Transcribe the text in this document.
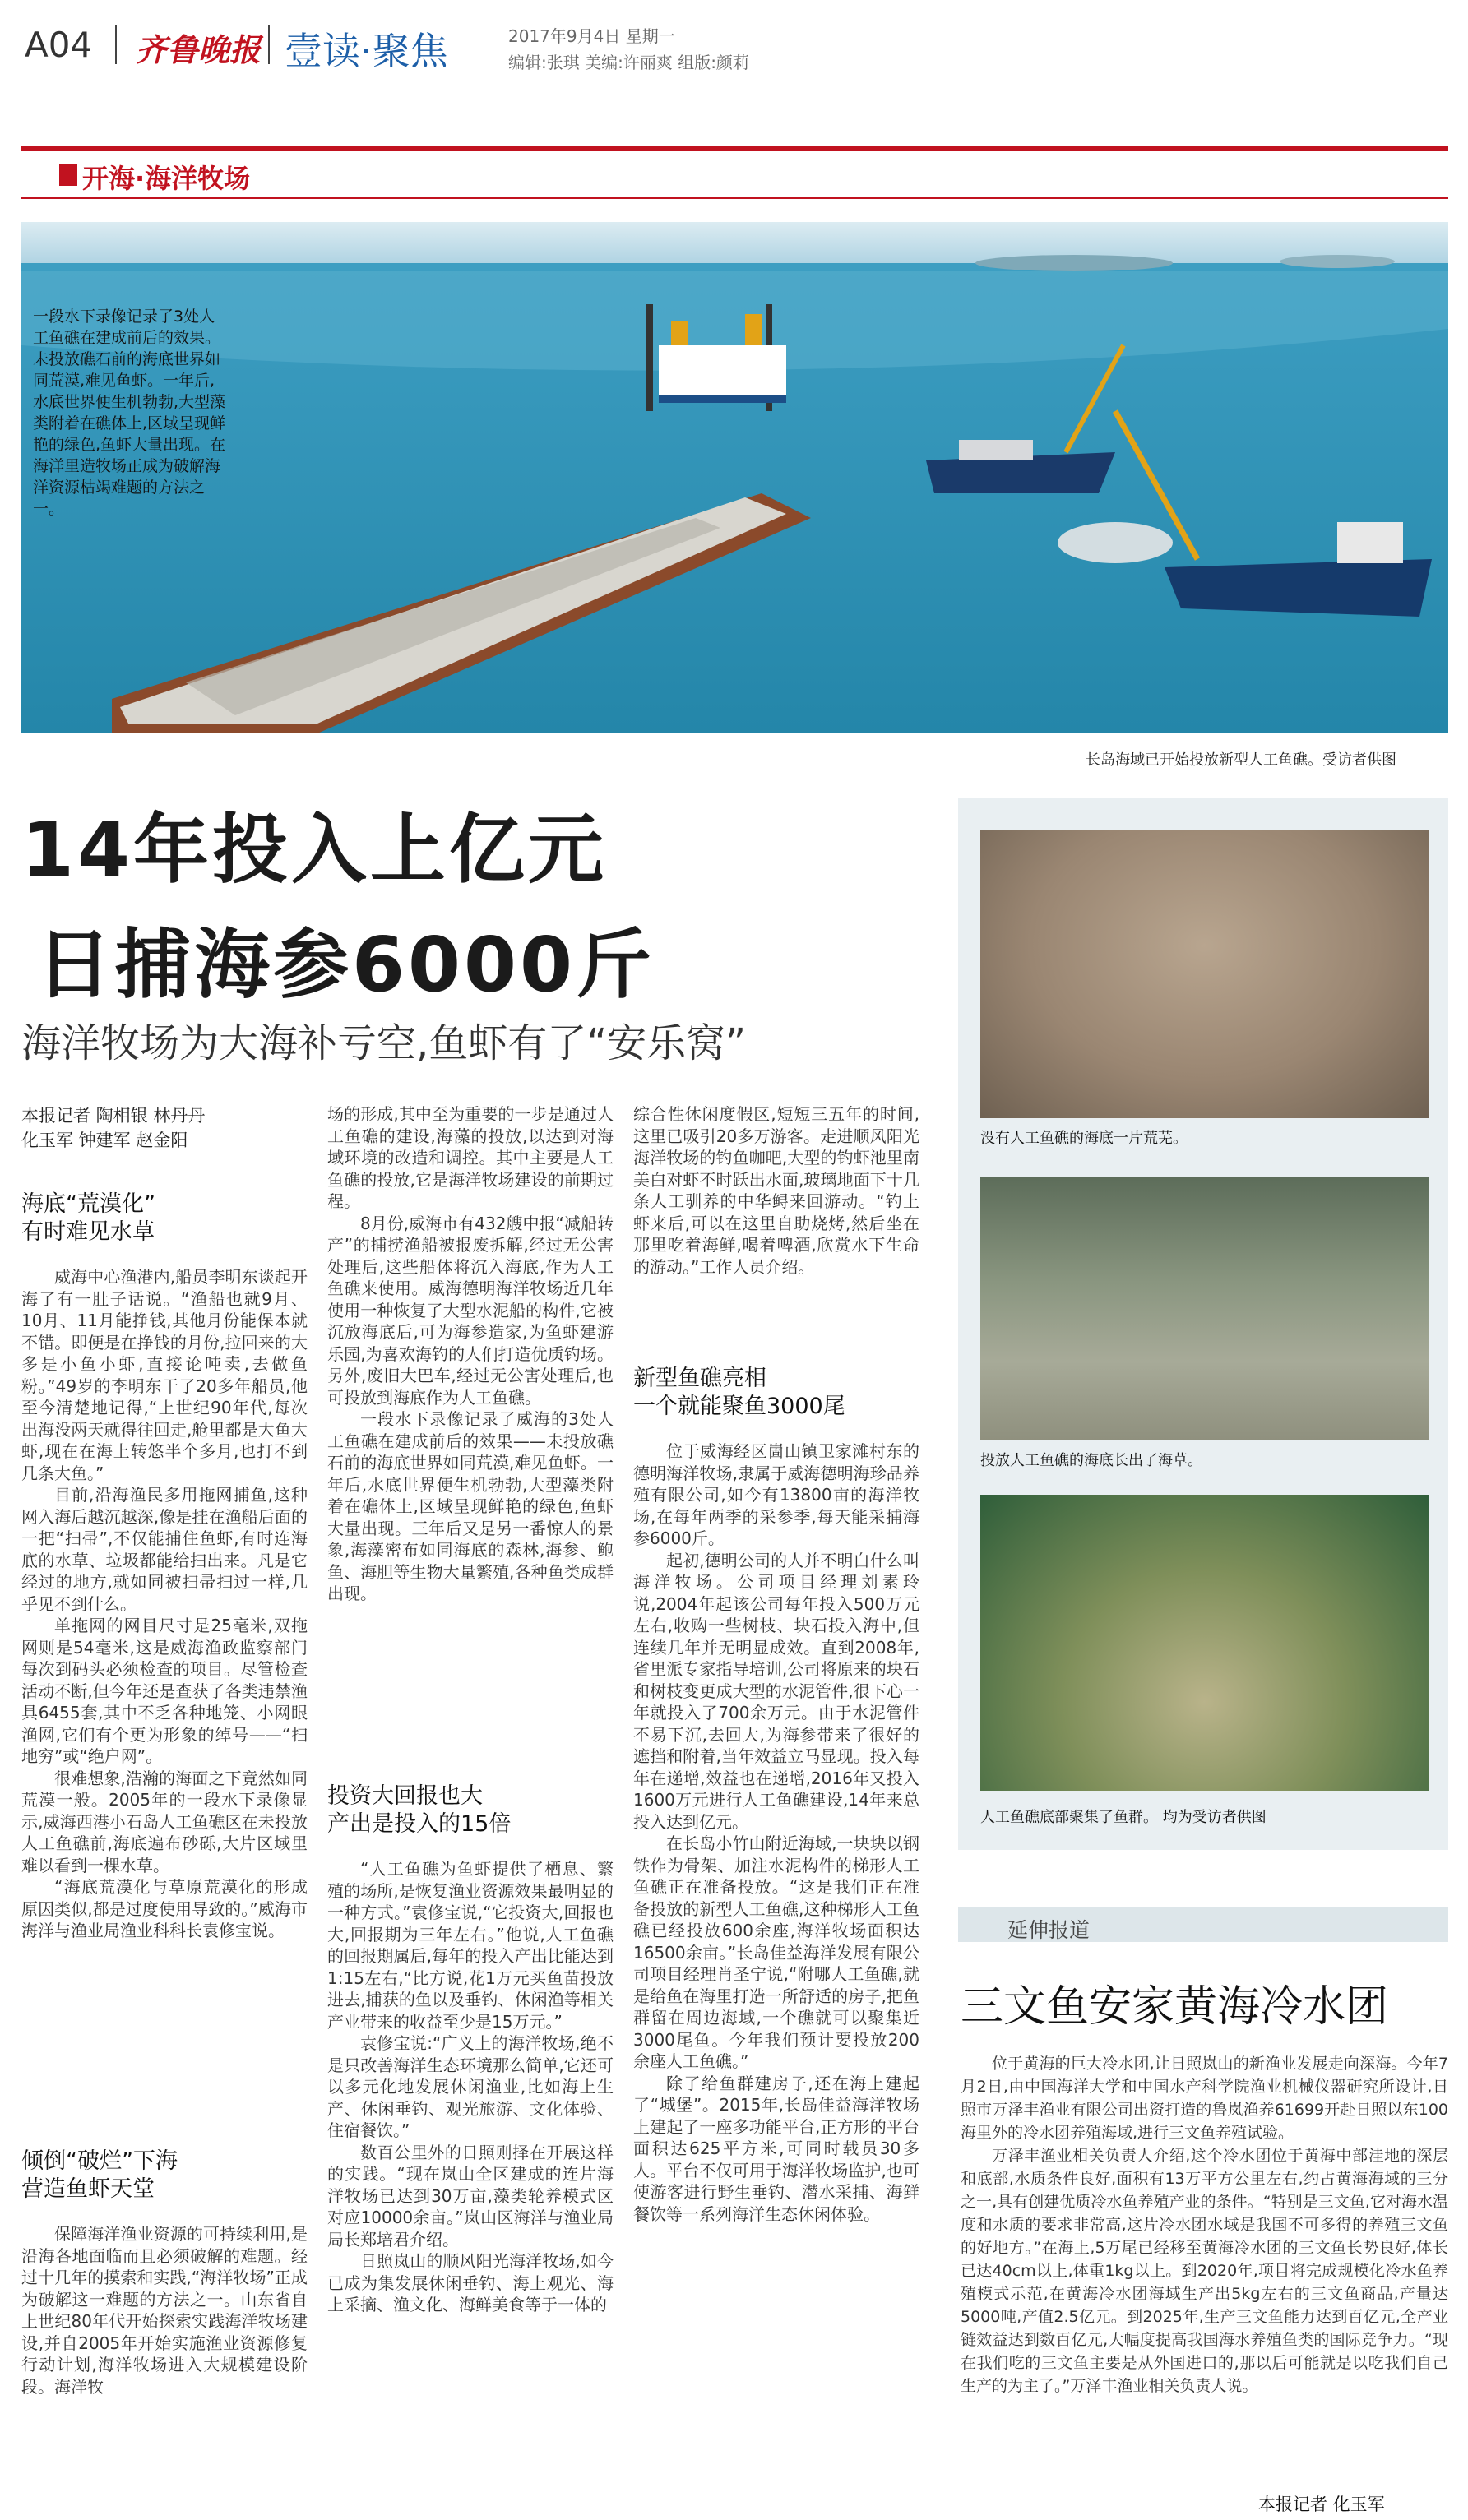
A04 齐鲁晚报 壹读·聚焦	2017年9月4日 星期一
编辑:张琪 美编:许丽爽 组版:颜莉
开海·海洋牧场
一段水下录像记录了3处人工鱼礁在建成前后的效果。未投放礁石前的海底世界如同荒漠,难见鱼虾。一年后,水底世界便生机勃勃,大型藻类附着在礁体上,区域呈现鲜艳的绿色,鱼虾大量出现。在海洋里造牧场正成为破解海洋资源枯竭难题的方法之一。
长岛海域已开始投放新型人工鱼礁。受访者供图
14年投入上亿元
日捕海参6000斤
海洋牧场为大海补亏空,鱼虾有了“安乐窝”
本报记者 陶相银 林丹丹
化玉军 钟建军 赵金阳
海底“荒漠化”
有时难见水草

威海中心渔港内,船员李明东谈起开海了有一肚子话说。“渔船也就9月、10月、11月能挣钱,其他月份能保本就不错。即便是在挣钱的月份,拉回来的大多是小鱼小虾,直接论吨卖,去做鱼粉。”49岁的李明东干了20多年船员,他至今清楚地记得,“上世纪90年代,每次出海没两天就得往回走,舱里都是大鱼大虾,现在在海上转悠半个多月,也打不到几条大鱼。”

目前,沿海渔民多用拖网捕鱼,这种网入海后越沉越深,像是挂在渔船后面的一把“扫帚”,不仅能捕住鱼虾,有时连海底的水草、垃圾都能给扫出来。凡是它经过的地方,就如同被扫帚扫过一样,几乎见不到什么。

单拖网的网目尺寸是25毫米,双拖网则是54毫米,这是威海渔政监察部门每次到码头必须检查的项目。尽管检查活动不断,但今年还是查获了各类违禁渔具6455套,其中不乏各种地笼、小网眼渔网,它们有个更为形象的绰号——“扫地穷”或“绝户网”。

很难想象,浩瀚的海面之下竟然如同荒漠一般。2005年的一段水下录像显示,威海西港小石岛人工鱼礁区在未投放人工鱼礁前,海底遍布砂砾,大片区域里难以看到一棵水草。

“海底荒漠化与草原荒漠化的形成原因类似,都是过度使用导致的。”威海市海洋与渔业局渔业科科长袁修宝说。

倾倒“破烂”下海
营造鱼虾天堂

保障海洋渔业资源的可持续利用,是沿海各地面临而且必须破解的难题。经过十几年的摸索和实践,“海洋牧场”正成为破解这一难题的方法之一。山东省自上世纪80年代开始探索实践海洋牧场建设,并自2005年开始实施渔业资源修复行动计划,海洋牧场进入大规模建设阶段。海洋牧

场的形成,其中至为重要的一步是通过人工鱼礁的建设,海藻的投放,以达到对海域环境的改造和调控。其中主要是人工鱼礁的投放,它是海洋牧场建设的前期过程。

8月份,威海市有432艘中报“减船转产”的捕捞渔船被报废拆解,经过无公害处理后,这些船体将沉入海底,作为人工鱼礁来使用。威海德明海洋牧场近几年使用一种恢复了大型水泥船的构件,它被沉放海底后,可为海参造家,为鱼虾建游乐园,为喜欢海钓的人们打造优质钓场。另外,废旧大巴车,经过无公害处理后,也可投放到海底作为人工鱼礁。

一段水下录像记录了威海的3处人工鱼礁在建成前后的效果——未投放礁石前的海底世界如同荒漠,难见鱼虾。一年后,水底世界便生机勃勃,大型藻类附着在礁体上,区域呈现鲜艳的绿色,鱼虾大量出现。三年后又是另一番惊人的景象,海藻密布如同海底的森林,海参、鲍鱼、海胆等生物大量繁殖,各种鱼类成群出现。

投资大回报也大
产出是投入的15倍

“人工鱼礁为鱼虾提供了栖息、繁殖的场所,是恢复渔业资源效果最明显的一种方式。”袁修宝说,“它投资大,回报也大,回报期为三年左右。”他说,人工鱼礁的回报期属后,每年的投入产出比能达到1:15左右,“比方说,花1万元买鱼苗投放进去,捕获的鱼以及垂钓、休闲渔等相关产业带来的收益至少是15万元。”

袁修宝说:“广义上的海洋牧场,绝不是只改善海洋生态环境那么简单,它还可以多元化地发展休闲渔业,比如海上生产、休闲垂钓、观光旅游、文化体验、住宿餐饮。”

数百公里外的日照则择在开展这样的实践。“现在岚山全区建成的连片海洋牧场已达到30万亩,藻类轮养模式区对应10000余亩。”岚山区海洋与渔业局局长郑培君介绍。

日照岚山的顺风阳光海洋牧场,如今已成为集发展休闲垂钓、海上观光、海上采摘、渔文化、海鲜美食等于一体的

综合性休闲度假区,短短三五年的时间,这里已吸引20多万游客。走进顺风阳光海洋牧场的钓鱼咖吧,大型的钓虾池里南美白对虾不时跃出水面,玻璃地面下十几条人工驯养的中华鲟来回游动。“钓上虾来后,可以在这里自助烧烤,然后坐在那里吃着海鲜,喝着啤酒,欣赏水下生命的游动。”工作人员介绍。

新型鱼礁亮相
一个就能聚鱼3000尾

位于威海经区崮山镇卫家滩村东的德明海洋牧场,隶属于威海德明海珍品养殖有限公司,如今有13800亩的海洋牧场,在每年两季的采参季,每天能采捕海参6000斤。

起初,德明公司的人并不明白什么叫海洋牧场。公司项目经理刘素玲说,2004年起该公司每年投入500万元左右,收购一些树枝、块石投入海中,但连续几年并无明显成效。直到2008年,省里派专家指导培训,公司将原来的块石和树枝变更成大型的水泥管件,很下心一年就投入了700余万元。由于水泥管件不易下沉,去回大,为海参带来了很好的遮挡和附着,当年效益立马显现。投入每年在递增,效益也在递增,2016年又投入1600万元进行人工鱼礁建设,14年来总投入达到亿元。

在长岛小竹山附近海域,一块块以钢铁作为骨架、加注水泥构件的梯形人工鱼礁正在准备投放。“这是我们正在准备投放的新型人工鱼礁,这种梯形人工鱼礁已经投放600余座,海洋牧场面积达16500余亩。”长岛佳益海洋发展有限公司项目经理肖圣宁说,“附哪人工鱼礁,就是给鱼在海里打造一所舒适的房子,把鱼群留在周边海域,一个礁就可以聚集近3000尾鱼。今年我们预计要投放200余座人工鱼礁。”

除了给鱼群建房子,还在海上建起了“城堡”。2015年,长岛佳益海洋牧场上建起了一座多功能平台,正方形的平台面积达625平方米,可同时载员30多人。平台不仅可用于海洋牧场监护,也可使游客进行野生垂钓、潜水采捕、海鲜餐饮等一系列海洋生态休闲体验。

没有人工鱼礁的海底一片荒芜。
投放人工鱼礁的海底长出了海草。
人工鱼礁底部聚集了鱼群。 均为受访者供图
延伸报道
三文鱼安家黄海冷水团

位于黄海的巨大冷水团,让日照岚山的新渔业发展走向深海。今年7月2日,由中国海洋大学和中国水产科学院渔业机械仪器研究所设计,日照市万泽丰渔业有限公司出资打造的鲁岚渔养61699开赴日照以东100海里外的冷水团养殖海域,进行三文鱼养殖试验。

万泽丰渔业相关负责人介绍,这个冷水团位于黄海中部洼地的深层和底部,水质条件良好,面积有13万平方公里左右,约占黄海海域的三分之一,具有创建优质冷水鱼养殖产业的条件。“特别是三文鱼,它对海水温度和水质的要求非常高,这片冷水团水域是我国不可多得的养殖三文鱼的好地方。”在海上,5万尾已经移至黄海冷水团的三文鱼长势良好,体长已达40cm以上,体重1kg以上。到2020年,项目将完成规模化冷水鱼养殖模式示范,在黄海冷水团海域生产出5kg左右的三文鱼商品,产量达5000吨,产值2.5亿元。到2025年,生产三文鱼能力达到百亿元,全产业链效益达到数百亿元,大幅度提高我国海水养殖鱼类的国际竞争力。“现在我们吃的三文鱼主要是从外国进口的,那以后可能就是以吃我们自己生产的为主了。”万泽丰渔业相关负责人说。

本报记者 化玉军
